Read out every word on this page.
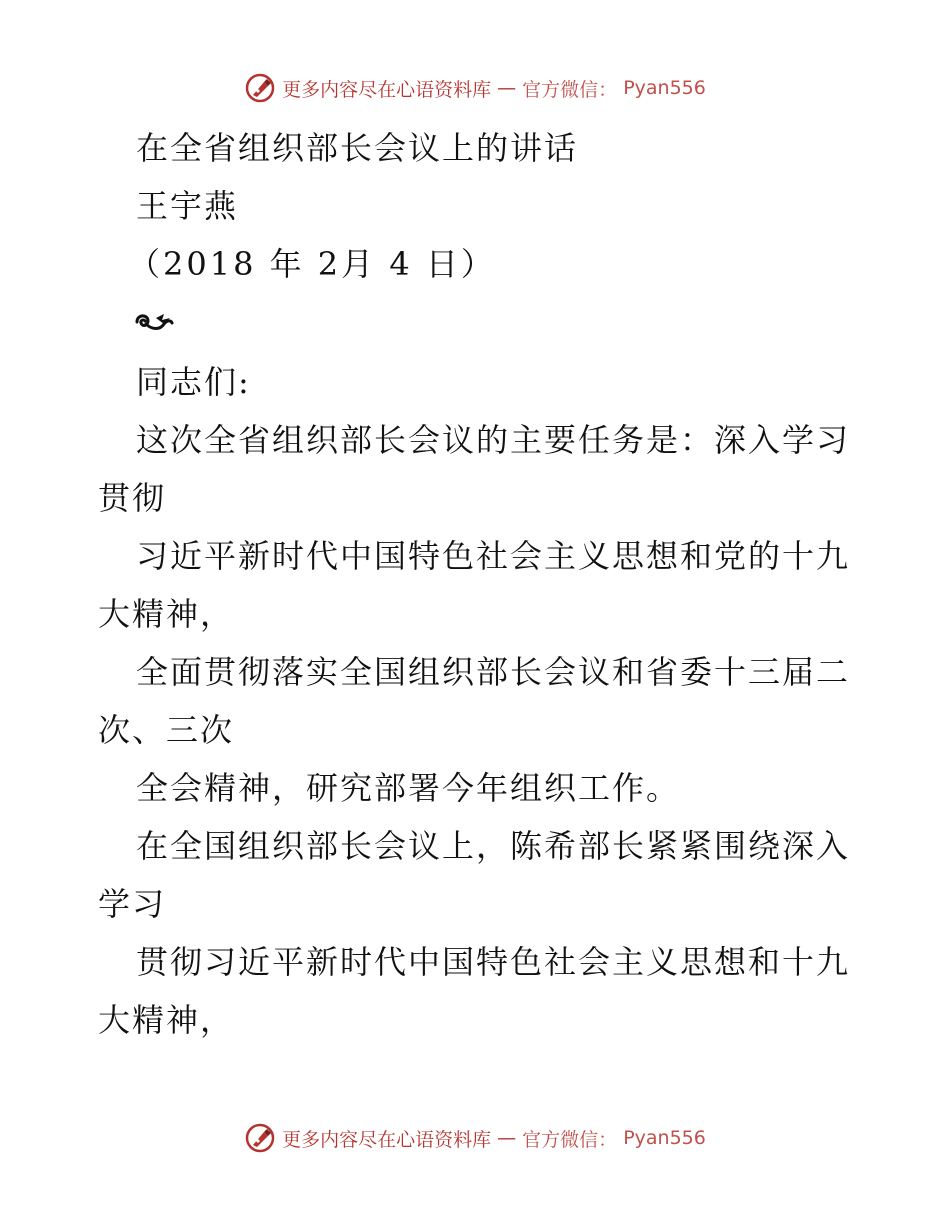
更多内容尽在心语资料库 — 官方微信： Pyan556
在全省组织部长会议上的讲话
王宇燕
（2018 年 2月 4 日）
同志们:
这次全省组织部长会议的主要任务是：深入学习
贯彻
习近平新时代中国特色社会主义思想和党的十九
大精神，
全面贯彻落实全国组织部长会议和省委十三届二
次、三次
全会精神，研究部署今年组织工作。
在全国组织部长会议上，陈希部长紧紧围绕深入
学习
贯彻习近平新时代中国特色社会主义思想和十九
大精神，
更多内容尽在心语资料库 — 官方微信： Pyan556
